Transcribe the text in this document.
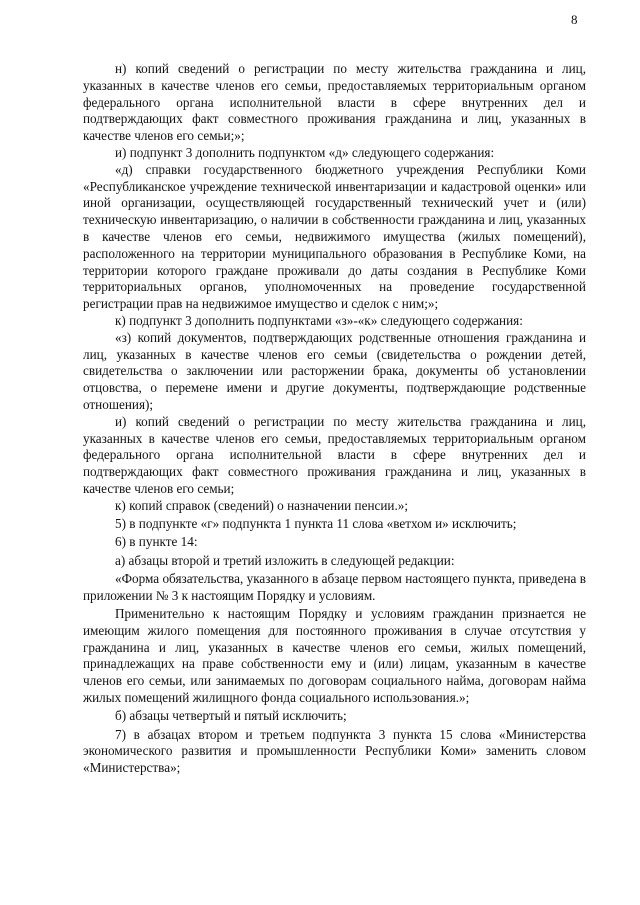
8

н) копий сведений о регистрации по месту жительства гражданина и лиц, указанных в качестве членов его семьи, предоставляемых территориальным органом федерального органа исполнительной власти в сфере внутренних дел и подтверждающих факт совместного проживания гражданина и лиц, указанных в качестве членов его семьи;»;

и) подпункт 3 дополнить подпунктом «д» следующего содержания:

«д) справки государственного бюджетного учреждения Республики Коми «Республиканское учреждение технической инвентаризации и кадастровой оценки» или иной организации, осуществляющей государственный технический учет и (или) техническую инвентаризацию, о наличии в собственности гражданина и лиц, указанных в качестве членов его семьи, недвижимого имущества (жилых помещений), расположенного на территории муниципального образования в Республике Коми, на территории которого граждане проживали до даты создания в Республике Коми территориальных органов, уполномоченных на проведение государственной регистрации прав на недвижимое имущество и сделок с ним;»;

к) подпункт 3 дополнить подпунктами «з»-«к» следующего содержания:

«з) копий документов, подтверждающих родственные отношения гражданина и лиц, указанных в качестве членов его семьи (свидетельства о рождении детей, свидетельства о заключении или расторжении брака, документы об установлении отцовства, о перемене имени и другие документы, подтверждающие родственные отношения);

и) копий сведений о регистрации по месту жительства гражданина и лиц, указанных в качестве членов его семьи, предоставляемых территориальным органом федерального органа исполнительной власти в сфере внутренних дел и подтверждающих факт совместного проживания гражданина и лиц, указанных в качестве членов его семьи;

к) копий справок (сведений) о назначении пенсии.»;

5) в подпункте «г» подпункта 1 пункта 11 слова «ветхом и» исключить;

6) в пункте 14:

а) абзацы второй и третий изложить в следующей редакции:

«Форма обязательства, указанного в абзаце первом настоящего пункта, приведена в приложении № 3 к настоящим Порядку и условиям.

Применительно к настоящим Порядку и условиям гражданин признается не имеющим жилого помещения для постоянного проживания в случае отсутствия у гражданина и лиц, указанных в качестве членов его семьи, жилых помещений, принадлежащих на праве собственности ему и (или) лицам, указанным в качестве членов его семьи, или занимаемых по договорам социального найма, договорам найма жилых помещений жилищного фонда социального использования.»;

б) абзацы четвертый и пятый исключить;

7) в абзацах втором и третьем подпункта 3 пункта 15 слова «Министерства экономического развития и промышленности Республики Коми» заменить словом «Министерства»;
